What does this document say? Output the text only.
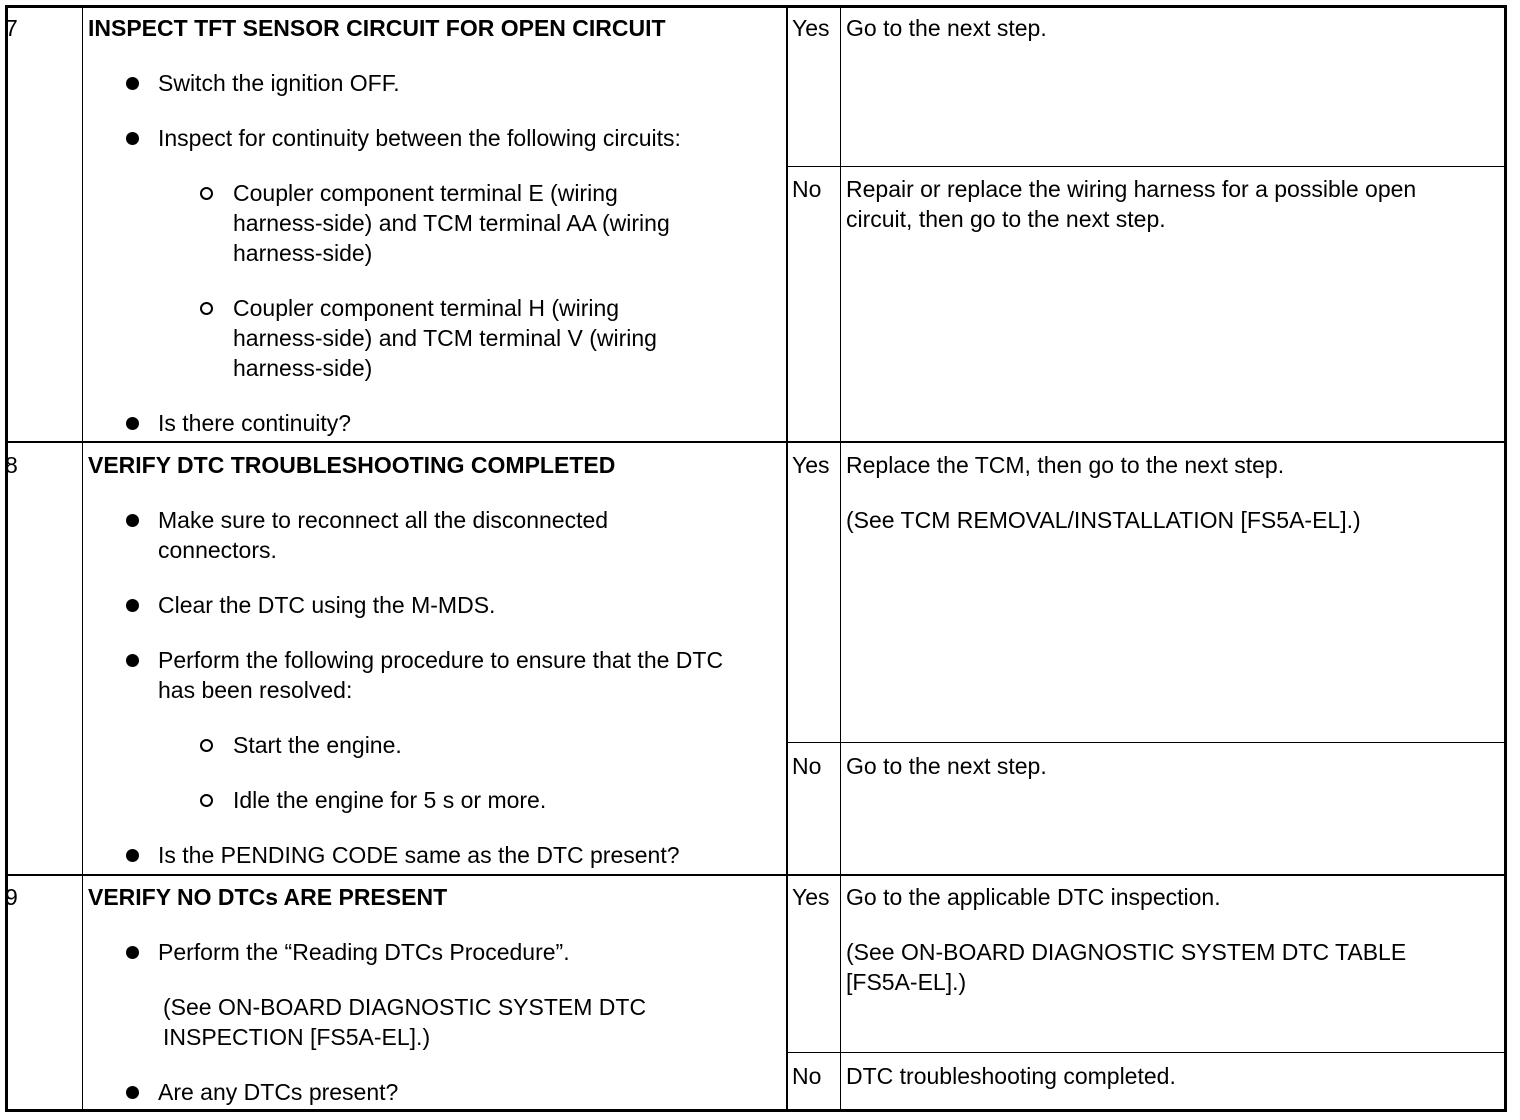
7	INSPECT TFT SENSOR CIRCUIT FOR OPEN CIRCUIT
Switch the ignition OFF.
Inspect for continuity between the following circuits:
Coupler component terminal E (wiring harness-side) and TCM terminal AA (wiring harness-side)
Coupler component terminal H (wiring harness-side) and TCM terminal V (wiring harness-side)
Is there continuity?
Yes Go to the next step.
No Repair or replace the wiring harness for a possible open circuit, then go to the next step.
8	VERIFY DTC TROUBLESHOOTING COMPLETED
Make sure to reconnect all the disconnected connectors.
Clear the DTC using the M-MDS.
Perform the following procedure to ensure that the DTC has been resolved:
Start the engine.
Idle the engine for 5 s or more.
Is the PENDING CODE same as the DTC present?
Yes Replace the TCM, then go to the next step.
(See TCM REMOVAL/INSTALLATION [FS5A-EL].)
No Go to the next step.
9	VERIFY NO DTCs ARE PRESENT
Perform the “Reading DTCs Procedure”.
(See ON-BOARD DIAGNOSTIC SYSTEM DTC INSPECTION [FS5A-EL].)
Are any DTCs present?
Yes Go to the applicable DTC inspection.
(See ON-BOARD DIAGNOSTIC SYSTEM DTC TABLE [FS5A-EL].)
No DTC troubleshooting completed.
